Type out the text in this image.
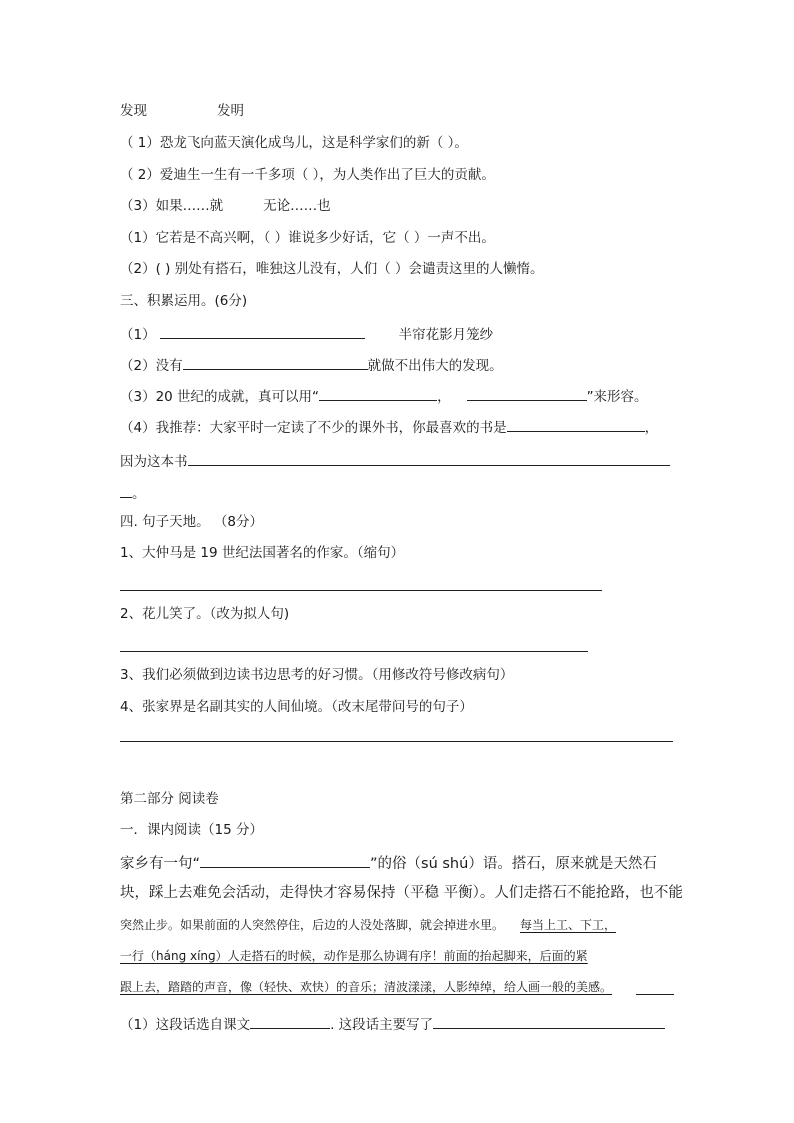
发现	发明
（ 1）恐龙飞向蓝天演化成鸟儿，这是科学家们的新（ ）。
（ 2）爱迪生一生有一千多项（ ），为人类作出了巨大的贡献。
（3）如果……就	无论……也
（1）它若是不高兴啊，（ ）谁说多少好话，它（ ）一声不出。
（2）( ) 别处有搭石，唯独这儿没有，人们（ ）会谴责这里的人懒惰。
三、积累运用。(6分)
（1）	半帘花影月笼纱
（2）没有	就做不出伟大的发现。
（3）20 世纪的成就，真可以用“	，	”来形容。
（4）我推荐：大家平时一定读了不少的课外书，你最喜欢的书是	，
因为这本书
。
四. 句子天地。 （8分）
1、大仲马是 19 世纪法国著名的作家。（缩句）
2、花儿笑了。（改为拟人句)
3、我们必须做到边读书边思考的好习惯。（用修改符号修改病句）
4、张家界是名副其实的人间仙境。（改末尾带问号的句子）
第二部分 阅读卷
一．课内阅读（15 分）
家乡有一句“	”的俗（sú shú）语。搭石，原来就是天然石
块，踩上去难免会活动，走得快才容易保持（平稳 平衡）。人们走搭石不能抢路，也不能
突然止步。如果前面的人突然停住，后边的人没处落脚，就会掉进水里。 每当上工、下工，
一行（hánɡ xínɡ）人走搭石的时候，动作是那么协调有序！前面的抬起脚来，后面的紧
跟上去，踏踏的声音，像（轻快、欢快）的音乐；清波漾漾，人影绰绰，给人画一般的美感。
（1）这段话选自课文	. 这段话主要写了
